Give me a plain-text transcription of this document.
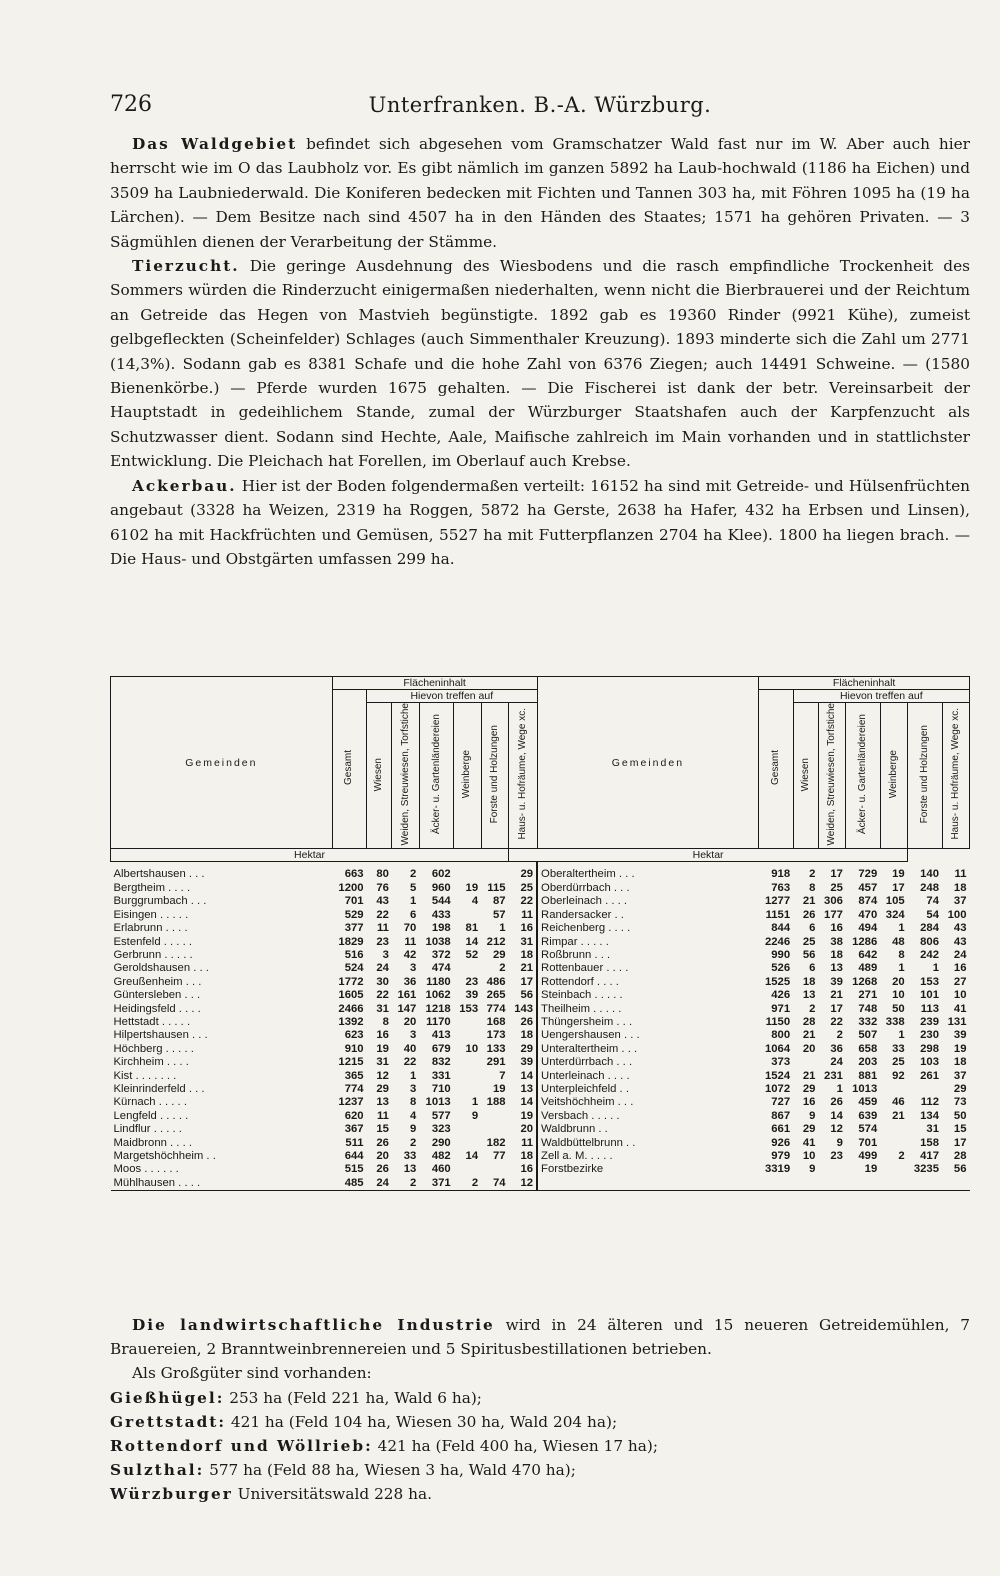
726	Unterfranken. B.-A. Würzburg.

Das Waldgebiet befindet sich abgesehen vom Gramschatzer Wald fast nur im W. Aber auch hier herrscht wie im O das Laubholz vor. Es gibt nämlich im ganzen 5892 ha Laub-hochwald (1186 ha Eichen) und 3509 ha Laubniederwald. Die Koniferen bedecken mit Fichten und Tannen 303 ha, mit Föhren 1095 ha (19 ha Lärchen). — Dem Besitze nach sind 4507 ha in den Händen des Staates; 1571 ha gehören Privaten. — 3 Sägmühlen dienen der Verarbeitung der Stämme.

Tierzucht. Die geringe Ausdehnung des Wiesbodens und die rasch empfindliche Trockenheit des Sommers würden die Rinderzucht einigermaßen niederhalten, wenn nicht die Bierbrauerei und der Reichtum an Getreide das Hegen von Mastvieh begünstigte. 1892 gab es 19360 Rinder (9921 Kühe), zumeist gelbgefleckten (Scheinfelder) Schlages (auch Simmenthaler Kreuzung). 1893 minderte sich die Zahl um 2771 (14,3%). Sodann gab es 8381 Schafe und die hohe Zahl von 6376 Ziegen; auch 14491 Schweine. — (1580 Bienenkörbe.) — Pferde wurden 1675 gehalten. — Die Fischerei ist dank der betr. Vereinsarbeit der Hauptstadt in gedeihlichem Stande, zumal der Würzburger Staatshafen auch der Karpfenzucht als Schutzwasser dient. Sodann sind Hechte, Aale, Maifische zahlreich im Main vorhanden und in stattlichster Entwicklung. Die Pleichach hat Forellen, im Oberlauf auch Krebse.

Ackerbau. Hier ist der Boden folgendermaßen verteilt: 16152 ha sind mit Getreide- und Hülsenfrüchten angebaut (3328 ha Weizen, 2319 ha Roggen, 5872 ha Gerste, 2638 ha Hafer, 432 ha Erbsen und Linsen), 6102 ha mit Hackfrüchten und Gemüsen, 5527 ha mit Futterpflanzen 2704 ha Klee). 1800 ha liegen brach. — Die Haus- und Obstgärten umfassen 299 ha.

Gemeinden	Flächeninhalt							Gemeinden	Flächeninhalt						
	Gesamt	Hievon treffen auf							Gesamt	Hievon treffen auf					
		Wiesen	Weiden, Streuwiesen, Torfstiche	Äcker- u. Gartenländereien	Weinberge	Forste und Holzungen	Haus- u. Hofräume, Wege xc.			Wiesen	Weiden, Streuwiesen, Torfstiche	Äcker- u. Gartenländereien	Weinberge	Forste und Holzungen	Haus- u. Hofräume, Wege xc.
Hektar							Hektar								
Albertshausen . . .	663	80	2	602			29	Oberaltertheim . . .	918	2	17	729	19	140	11
Bergtheim . . . .	1200	76	5	960	19	115	25	Oberdürrbach . . .	763	8	25	457	17	248	18
Burggrumbach . . .	701	43	1	544	4	87	22	Oberleinach . . . .	1277	21	306	874	105	74	37
Eisingen . . . . .	529	22	6	433		57	11	Randersacker . .	1151	26	177	470	324	54	100
Erlabrunn . . . .	377	11	70	198	81	1	16	Reichenberg . . . .	844	6	16	494	1	284	43
Estenfeld . . . . .	1829	23	11	1038	14	212	31	Rimpar . . . . .	2246	25	38	1286	48	806	43
Gerbrunn . . . . .	516	3	42	372	52	29	18	Roßbrunn . . .	990	56	18	642	8	242	24
Geroldshausen . . .	524	24	3	474		2	21	Rottenbauer . . . .	526	6	13	489	1	1	16
Greußenheim . . .	1772	30	36	1180	23	486	17	Rottendorf . . . .	1525	18	39	1268	20	153	27
Güntersleben . . .	1605	22	161	1062	39	265	56	Steinbach . . . . .	426	13	21	271	10	101	10
Heidingsfeld . . . .	2466	31	147	1218	153	774	143	Theilheim . . . . .	971	2	17	748	50	113	41
Hettstadt . . . . .	1392	8	20	1170		168	26	Thüngersheim . . .	1150	28	22	332	338	239	131
Hilpertshausen . . .	623	16	3	413		173	18	Uengershausen . . .	800	21	2	507	1	230	39
Höchberg . . . . .	910	19	40	679	10	133	29	Unteraltertheim . . .	1064	20	36	658	33	298	19
Kirchheim . . . .	1215	31	22	832		291	39	Unterdürrbach . . .	373		24	203	25	103	18
Kist . . . . . . .	365	12	1	331		7	14	Unterleinach . . . .	1524	21	231	881	92	261	37
Kleinrinderfeld . . .	774	29	3	710		19	13	Unterpleichfeld . .	1072	29	1	1013			29
Kürnach . . . . .	1237	13	8	1013	1	188	14	Veitshöchheim . . .	727	16	26	459	46	112	73
Lengfeld . . . . .	620	11	4	577	9		19	Versbach . . . . .	867	9	14	639	21	134	50
Lindflur . . . . .	367	15	9	323			20	Waldbrunn . .	661	29	12	574		31	15
Maidbronn . . . .	511	26	2	290		182	11	Waldbüttelbrunn . .	926	41	9	701		158	17
Margetshöchheim . .	644	20	33	482	14	77	18	Zell a. M. . . . .	979	10	23	499	2	417	28
Moos . . . . . .	515	26	13	460			16	Forstbezirke	3319	9		19		3235	56
Mühlhausen . . . .	485	24	2	371	2	74	12								

Die landwirtschaftliche Industrie wird in 24 älteren und 15 neueren Getreidemühlen, 7 Brauereien, 2 Branntweinbrennereien und 5 Spiritusbestillationen betrieben.

Als Großgüter sind vorhanden:

Gießhügel: 253 ha (Feld 221 ha, Wald 6 ha);

Grettstadt: 421 ha (Feld 104 ha, Wiesen 30 ha, Wald 204 ha);

Rottendorf und Wöllrieb: 421 ha (Feld 400 ha, Wiesen 17 ha);

Sulzthal: 577 ha (Feld 88 ha, Wiesen 3 ha, Wald 470 ha);

Würzburger Universitätswald 228 ha.
